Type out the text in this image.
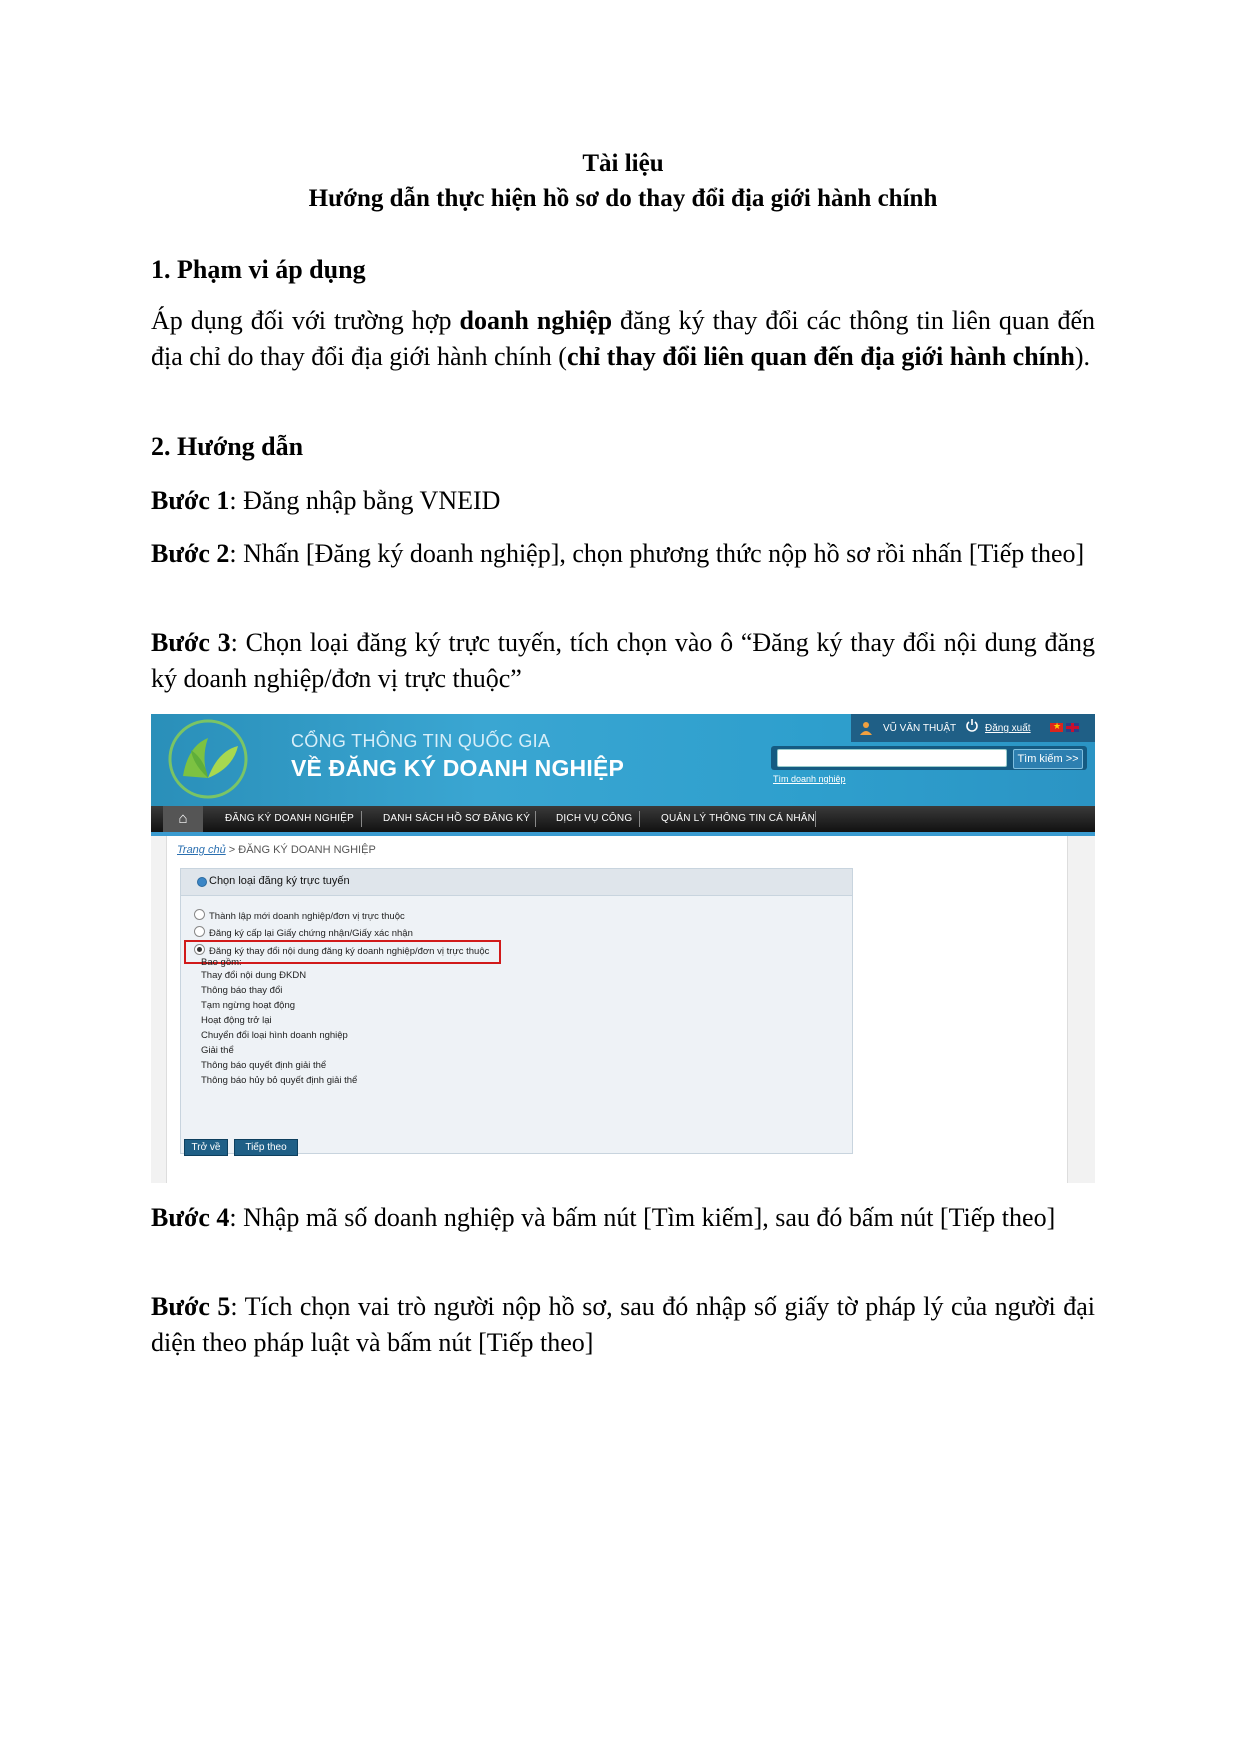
Tài liệu
Hướng dẫn thực hiện hồ sơ do thay đổi địa giới hành chính

1. Phạm vi áp dụng

Áp dụng đối với trường hợp doanh nghiệp đăng ký thay đổi các thông tin liên quan đến địa chỉ do thay đổi địa giới hành chính (chỉ thay đổi liên quan đến địa giới hành chính).

2. Hướng dẫn

Bước 1: Đăng nhập bằng VNEID

Bước 2: Nhấn [Đăng ký doanh nghiệp], chọn phương thức nộp hồ sơ rồi nhấn [Tiếp theo]

Bước 3: Chọn loại đăng ký trực tuyến, tích chọn vào ô “Đăng ký thay đổi nội dung đăng ký doanh nghiệp/đơn vị trực thuộc”

CỔNG THÔNG TIN QUỐC GIA
VỀ ĐĂNG KÝ DOANH NGHIỆP
VŨ VĂN THUẬT	Đăng xuất ★
Tìm kiếm >>
Tìm doanh nghiệp
⌂	ĐĂNG KÝ DOANH NGHIỆP	DANH SÁCH HỒ SƠ ĐĂNG KÝ	DỊCH VỤ CÔNG	QUẢN LÝ THÔNG TIN CÁ NHÂN
Trang chủ > ĐĂNG KÝ DOANH NGHIỆP
Chọn loại đăng ký trực tuyến
Thành lập mới doanh nghiệp/đơn vị trực thuộc
Đăng ký cấp lại Giấy chứng nhận/Giấy xác nhận
Đăng ký thay đổi nội dung đăng ký doanh nghiệp/đơn vị trực thuộc
Bao gồm:
Thay đổi nội dung ĐKDN
Thông báo thay đổi
Tạm ngừng hoạt động
Hoạt động trở lại
Chuyển đổi loại hình doanh nghiệp
Giải thể
Thông báo quyết định giải thể
Thông báo hủy bỏ quyết định giải thể
Trở về	Tiếp theo

Bước 4: Nhập mã số doanh nghiệp và bấm nút [Tìm kiếm], sau đó bấm nút [Tiếp theo]

Bước 5: Tích chọn vai trò người nộp hồ sơ, sau đó nhập số giấy tờ pháp lý của người đại diện theo pháp luật và bấm nút [Tiếp theo]
